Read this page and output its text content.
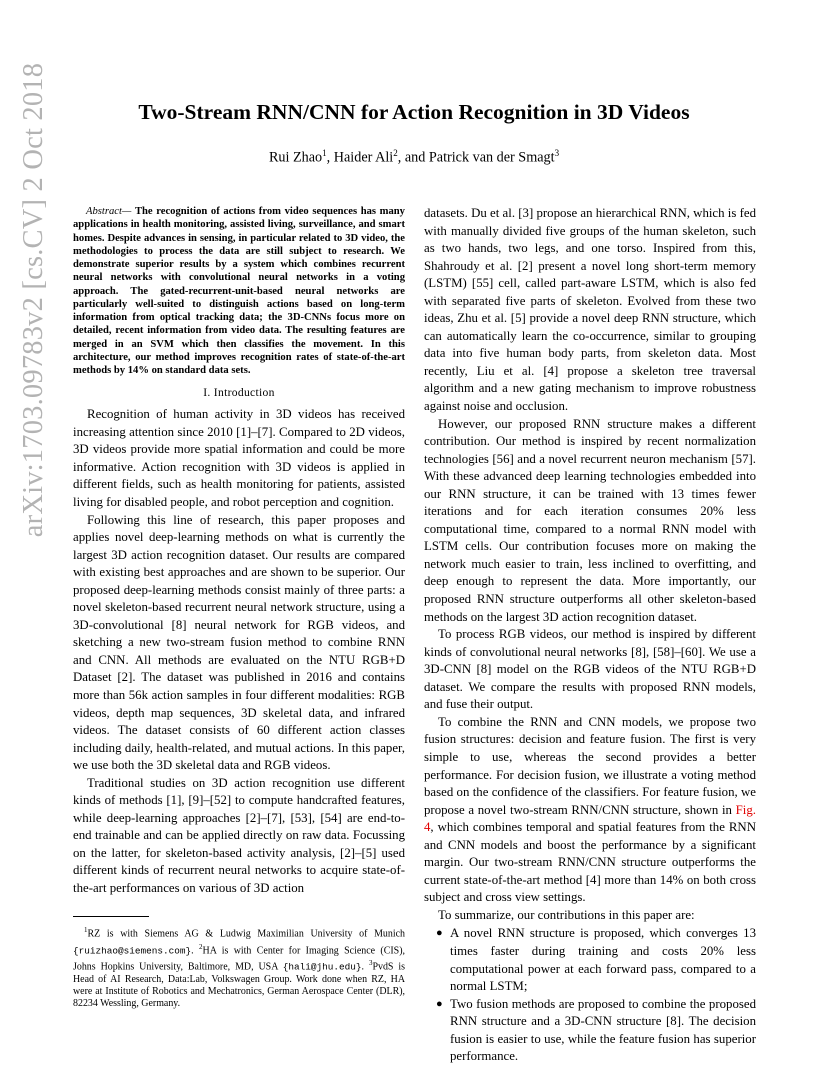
arXiv:1703.09783v2 [cs.CV] 2 Oct 2018	Two-Stream RNN/CNN for Action Recognition in 3D Videos
Rui Zhao$^1$, Haider Ali$^2$, and Patrick van der Smagt$^3$

Abstract— The recognition of actions from video sequences has many applications in health monitoring, assisted living, surveillance, and smart homes. Despite advances in sensing, in particular related to 3D video, the methodologies to process the data are still subject to research. We demonstrate superior results by a system which combines recurrent neural networks with convolutional neural networks in a voting approach. The gated-recurrent-unit-based neural networks are particularly well-suited to distinguish actions based on long-term information from optical tracking data; the 3D-CNNs focus more on detailed, recent information from video data. The resulting features are merged in an SVM which then classifies the movement. In this architecture, our method improves recognition rates of state-of-the-art methods by 14% on standard data sets.

I. Introduction

Recognition of human activity in 3D videos has received increasing attention since 2010 [1]–[7]. Compared to 2D videos, 3D videos provide more spatial information and could be more informative. Action recognition with 3D videos is applied in different fields, such as health monitoring for patients, assisted living for disabled people, and robot perception and cognition.

Following this line of research, this paper proposes and applies novel deep-learning methods on what is currently the largest 3D action recognition dataset. Our results are compared with existing best approaches and are shown to be superior. Our proposed deep-learning methods consist mainly of three parts: a novel skeleton-based recurrent neural network structure, using a 3D-convolutional [8] neural network for RGB videos, and sketching a new two-stream fusion method to combine RNN and CNN. All methods are evaluated on the NTU RGB+D Dataset [2]. The dataset was published in 2016 and contains more than 56k action samples in four different modalities: RGB videos, depth map sequences, 3D skeletal data, and infrared videos. The dataset consists of 60 different action classes including daily, health-related, and mutual actions. In this paper, we use both the 3D skeletal data and RGB videos.

Traditional studies on 3D action recognition use different kinds of methods [1], [9]–[52] to compute handcrafted features, while deep-learning approaches [2]–[7], [53], [54] are end-to-end trainable and can be applied directly on raw data. Focussing on the latter, for skeleton-based activity analysis, [2]–[5] used different kinds of recurrent neural networks to acquire state-of-the-art performances on various of 3D action

$^1$RZ is with Siemens AG & Ludwig Maximilian University of Munich {ruizhao@siemens.com}. $^2$HA is with Center for Imaging Science (CIS), Johns Hopkins University, Baltimore, MD, USA {hali@jhu.edu}. $^3$PvdS is Head of AI Research, Data:Lab, Volkswagen Group. Work done when RZ, HA were at Institute of Robotics and Mechatronics, German Aerospace Center (DLR), 82234 Wessling, Germany.

datasets. Du et al. [3] propose an hierarchical RNN, which is fed with manually divided five groups of the human skeleton, such as two hands, two legs, and one torso. Inspired from this, Shahroudy et al. [2] present a novel long short-term memory (LSTM) [55] cell, called part-aware LSTM, which is also fed with separated five parts of skeleton. Evolved from these two ideas, Zhu et al. [5] provide a novel deep RNN structure, which can automatically learn the co-occurrence, similar to grouping data into five human body parts, from skeleton data. Most recently, Liu et al. [4] propose a skeleton tree traversal algorithm and a new gating mechanism to improve robustness against noise and occlusion.

However, our proposed RNN structure makes a different contribution. Our method is inspired by recent normalization technologies [56] and a novel recurrent neuron mechanism [57]. With these advanced deep learning technologies embedded into our RNN structure, it can be trained with 13 times fewer iterations and for each iteration consumes 20% less computational time, compared to a normal RNN model with LSTM cells. Our contribution focuses more on making the network much easier to train, less inclined to overfitting, and deep enough to represent the data. More importantly, our proposed RNN structure outperforms all other skeleton-based methods on the largest 3D action recognition dataset.

To process RGB videos, our method is inspired by different kinds of convolutional neural networks [8], [58]–[60]. We use a 3D-CNN [8] model on the RGB videos of the NTU RGB+D dataset. We compare the results with proposed RNN models, and fuse their output.

To combine the RNN and CNN models, we propose two fusion structures: decision and feature fusion. The first is very simple to use, whereas the second provides a better performance. For decision fusion, we illustrate a voting method based on the confidence of the classifiers. For feature fusion, we propose a novel two-stream RNN/CNN structure, shown in Fig. 4, which combines temporal and spatial features from the RNN and CNN models and boost the performance by a significant margin. Our two-stream RNN/CNN structure outperforms the current state-of-the-art method [4] more than 14% on both cross subject and cross view settings.

To summarize, our contributions in this paper are:

● A novel RNN structure is proposed, which converges 13 times faster during training and costs 20% less computational power at each forward pass, compared to a normal LSTM;
● Two fusion methods are proposed to combine the proposed RNN structure and a 3D-CNN structure [8]. The decision fusion is easier to use, while the feature fusion has superior performance.
